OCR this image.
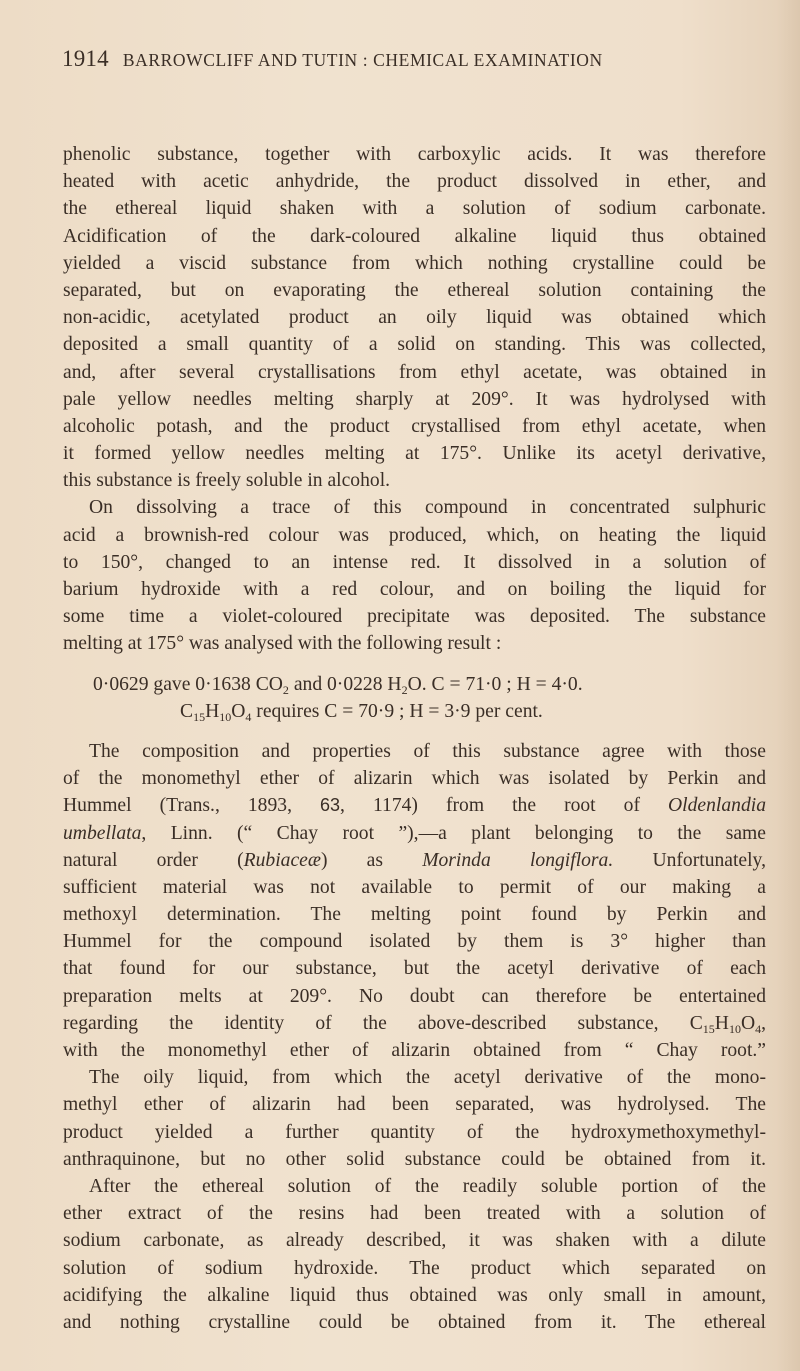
1914 BARROWCLIFF AND TUTIN : CHEMICAL EXAMINATION
phenolic substance, together with carboxylic acids. It was therefore
heated with acetic anhydride, the product dissolved in ether, and
the ethereal liquid shaken with a solution of sodium carbonate.
Acidification of the dark-coloured alkaline liquid thus obtained
yielded a viscid substance from which nothing crystalline could be
separated, but on evaporating the ethereal solution containing the
non-acidic, acetylated product an oily liquid was obtained which
deposited a small quantity of a solid on standing. This was collected,
and, after several crystallisations from ethyl acetate, was obtained in
pale yellow needles melting sharply at 209°. It was hydrolysed with
alcoholic potash, and the product crystallised from ethyl acetate, when
it formed yellow needles melting at 175°. Unlike its acetyl derivative,
this substance is freely soluble in alcohol.
On dissolving a trace of this compound in concentrated sulphuric
acid a brownish-red colour was produced, which, on heating the liquid
to 150°, changed to an intense red. It dissolved in a solution of
barium hydroxide with a red colour, and on boiling the liquid for
some time a violet-coloured precipitate was deposited. The substance
melting at 175° was analysed with the following result :
0·0629 gave 0·1638 $CO_2$ and 0·0228 $H_2O$. C = 71·0 ; H = 4·0.
$C_{15}H_{10}O_4$ requires C = 70·9 ; H = 3·9 per cent.
The composition and properties of this substance agree with those
of the monomethyl ether of alizarin which was isolated by Perkin and
Hummel (Trans., 1893, 63, 1174) from the root of Oldenlandia
umbellata, Linn. (“ Chay root ”),—a plant belonging to the same
natural order (Rubiaceæ) as Morinda longiflora. Unfortunately,
sufficient material was not available to permit of our making a
methoxyl determination. The melting point found by Perkin and
Hummel for the compound isolated by them is 3° higher than
that found for our substance, but the acetyl derivative of each
preparation melts at 209°. No doubt can therefore be entertained
regarding the identity of the above-described substance, $C_{15}H_{10}O_4$,
with the monomethyl ether of alizarin obtained from “ Chay root.”
The oily liquid, from which the acetyl derivative of the mono-
methyl ether of alizarin had been separated, was hydrolysed. The
product yielded a further quantity of the hydroxymethoxymethyl-
anthraquinone, but no other solid substance could be obtained from it.
After the ethereal solution of the readily soluble portion of the
ether extract of the resins had been treated with a solution of
sodium carbonate, as already described, it was shaken with a dilute
solution of sodium hydroxide. The product which separated on
acidifying the alkaline liquid thus obtained was only small in amount,
and nothing crystalline could be obtained from it. The ethereal
